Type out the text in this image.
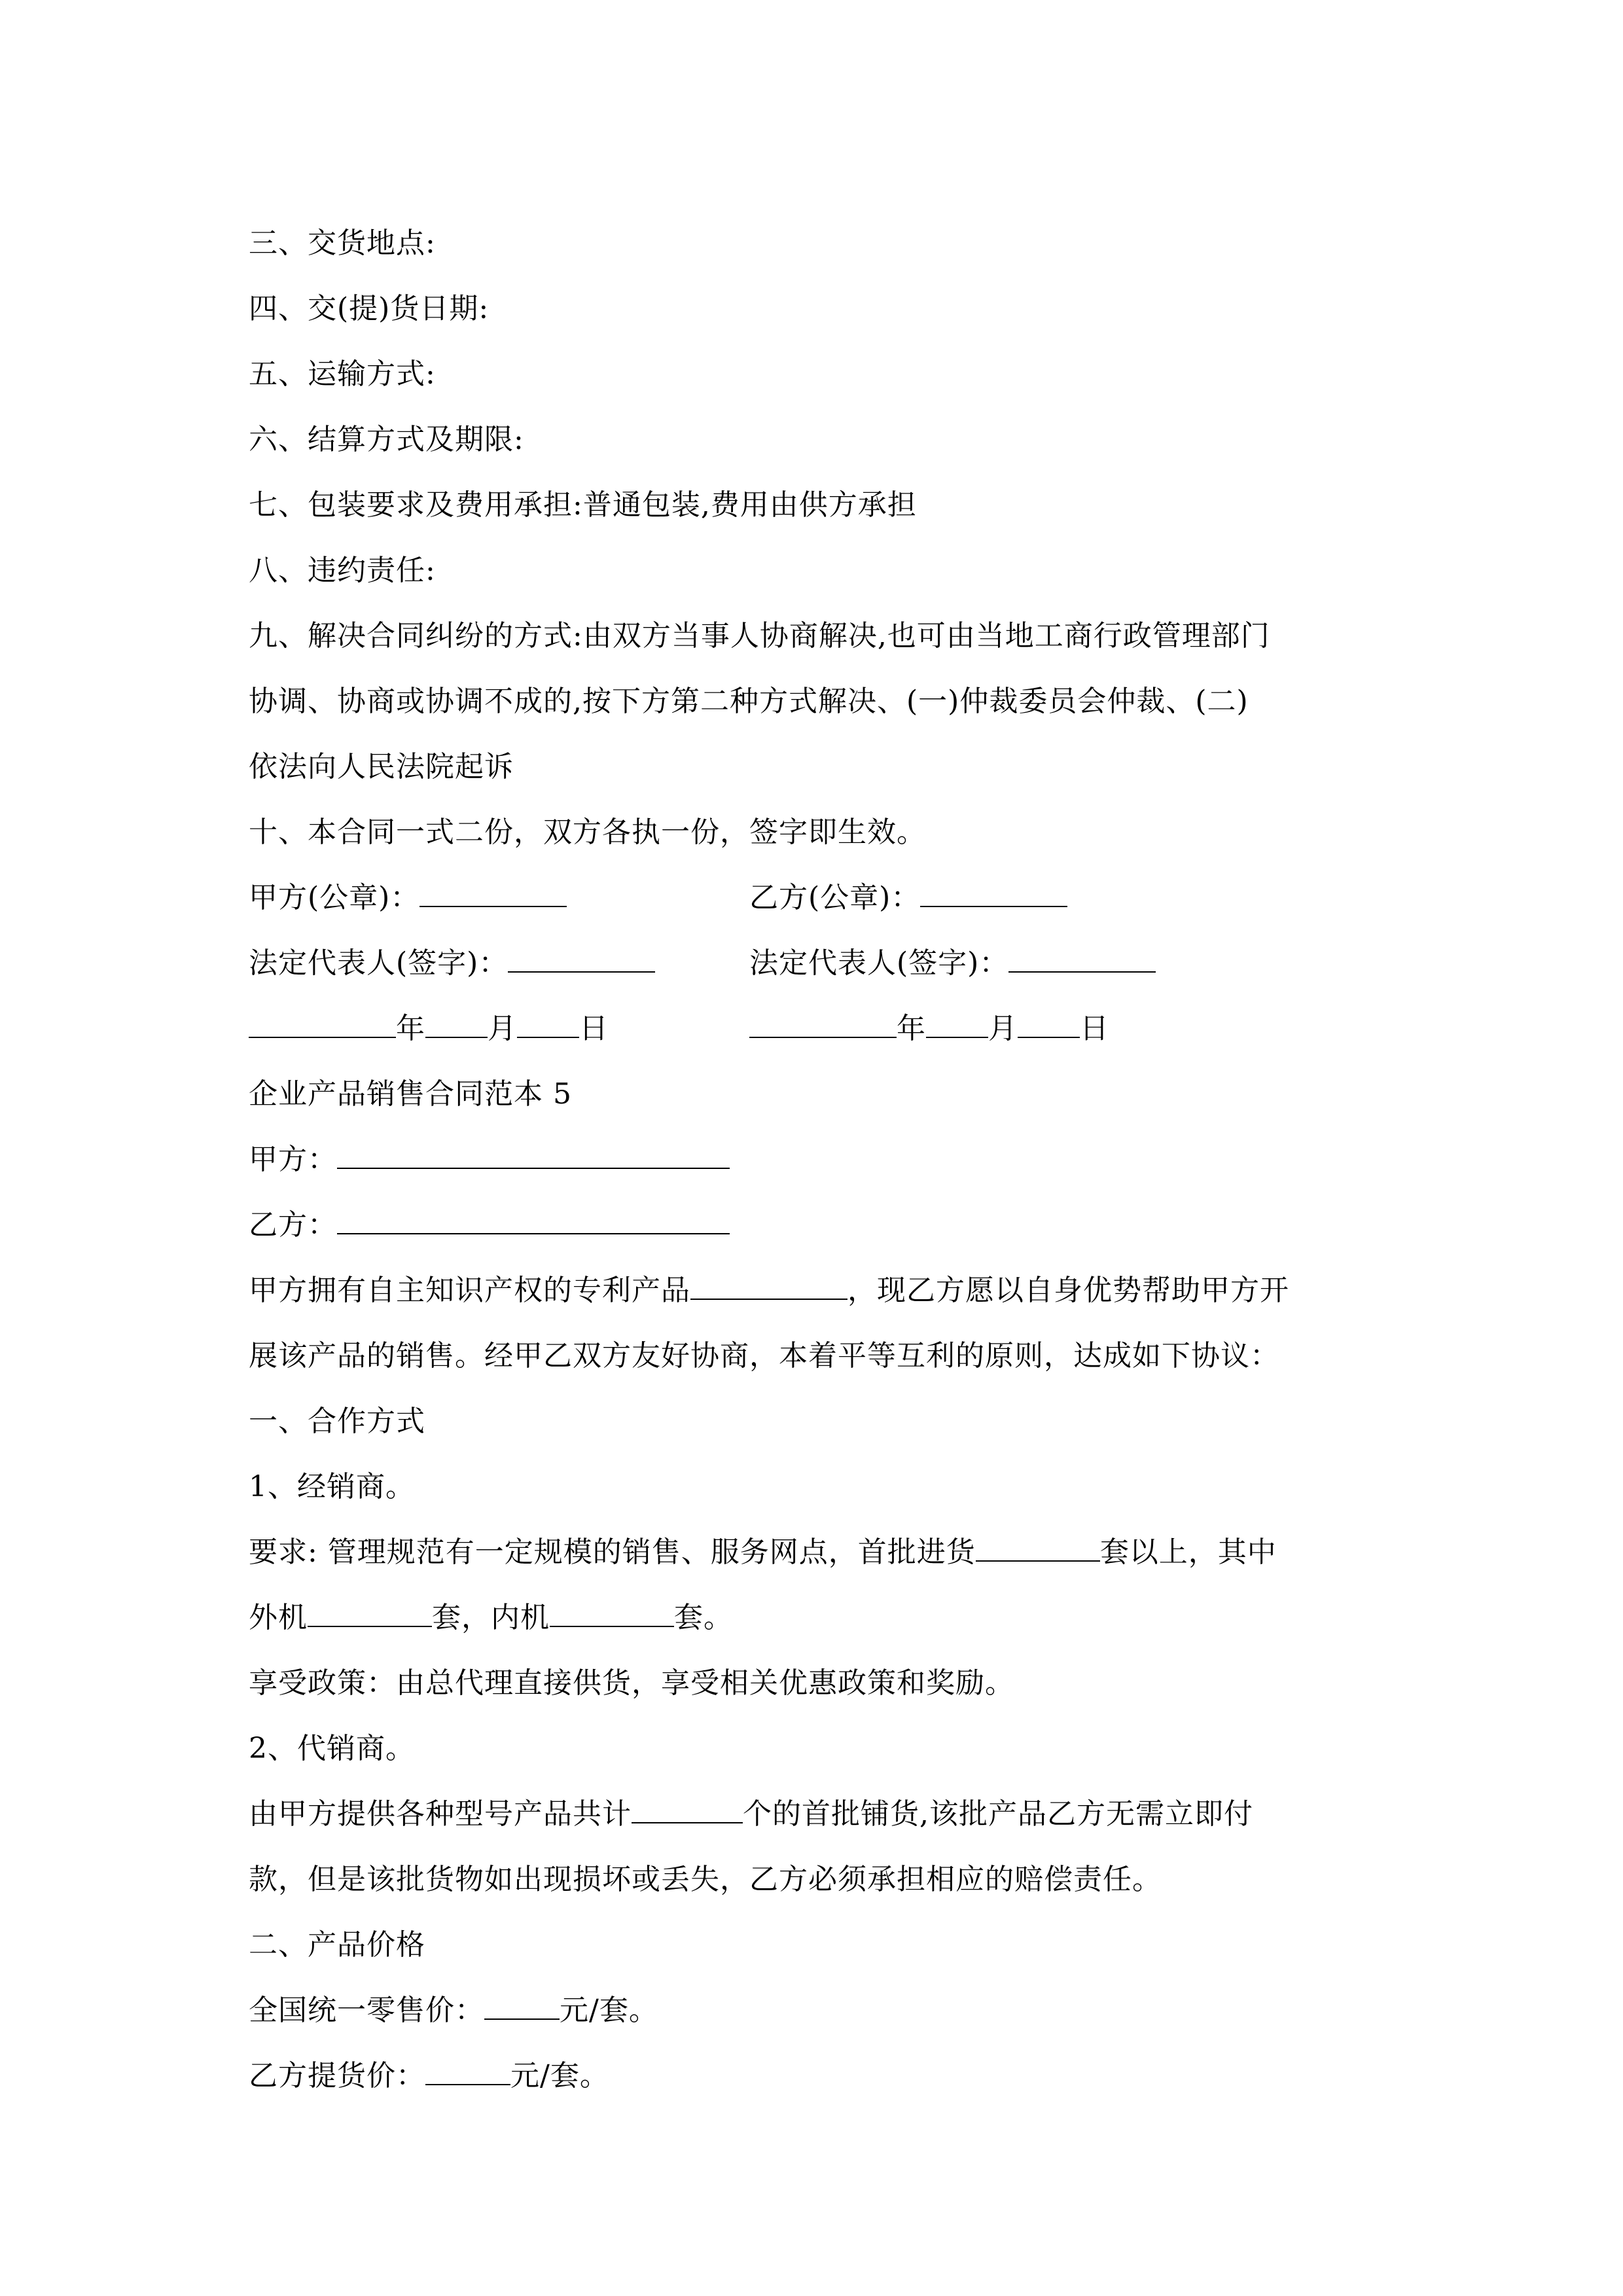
三、交货地点:
四、交(提)货日期:
五、运输方式:
六、结算方式及期限:
七、包装要求及费用承担:普通包装,费用由供方承担
八、违约责任:
九、解决合同纠纷的方式:由双方当事人协商解决,也可由当地工商行政管理部门
协调、协商或协调不成的,按下方第二种方式解决、(一)仲裁委员会仲裁、(二)
依法向人民法院起诉
十、本合同一式二份，双方各执一份，签字即生效。
甲方(公章)：	乙方(公章)：
法定代表人(签字)：	法定代表人(签字)：
年 月 日	年 月 日
企业产品销售合同范本 5
甲方：
乙方：
甲方拥有自主知识产权的专利产品	，现乙方愿以自身优势帮助甲方开
展该产品的销售。经甲乙双方友好协商，本着平等互利的原则，达成如下协议：
一、合作方式
1、经销商。
要求: 管理规范有一定规模的销售、服务网点，首批进货	套以上，其中
外机	套，内机	套。
享受政策：由总代理直接供货，享受相关优惠政策和奖励。
2、代销商。
由甲方提供各种型号产品共计	个的首批铺货,该批产品乙方无需立即付
款，但是该批货物如出现损坏或丢失，乙方必须承担相应的赔偿责任。
二、产品价格
全国统一零售价：	元/套。
乙方提货价：	元/套。
